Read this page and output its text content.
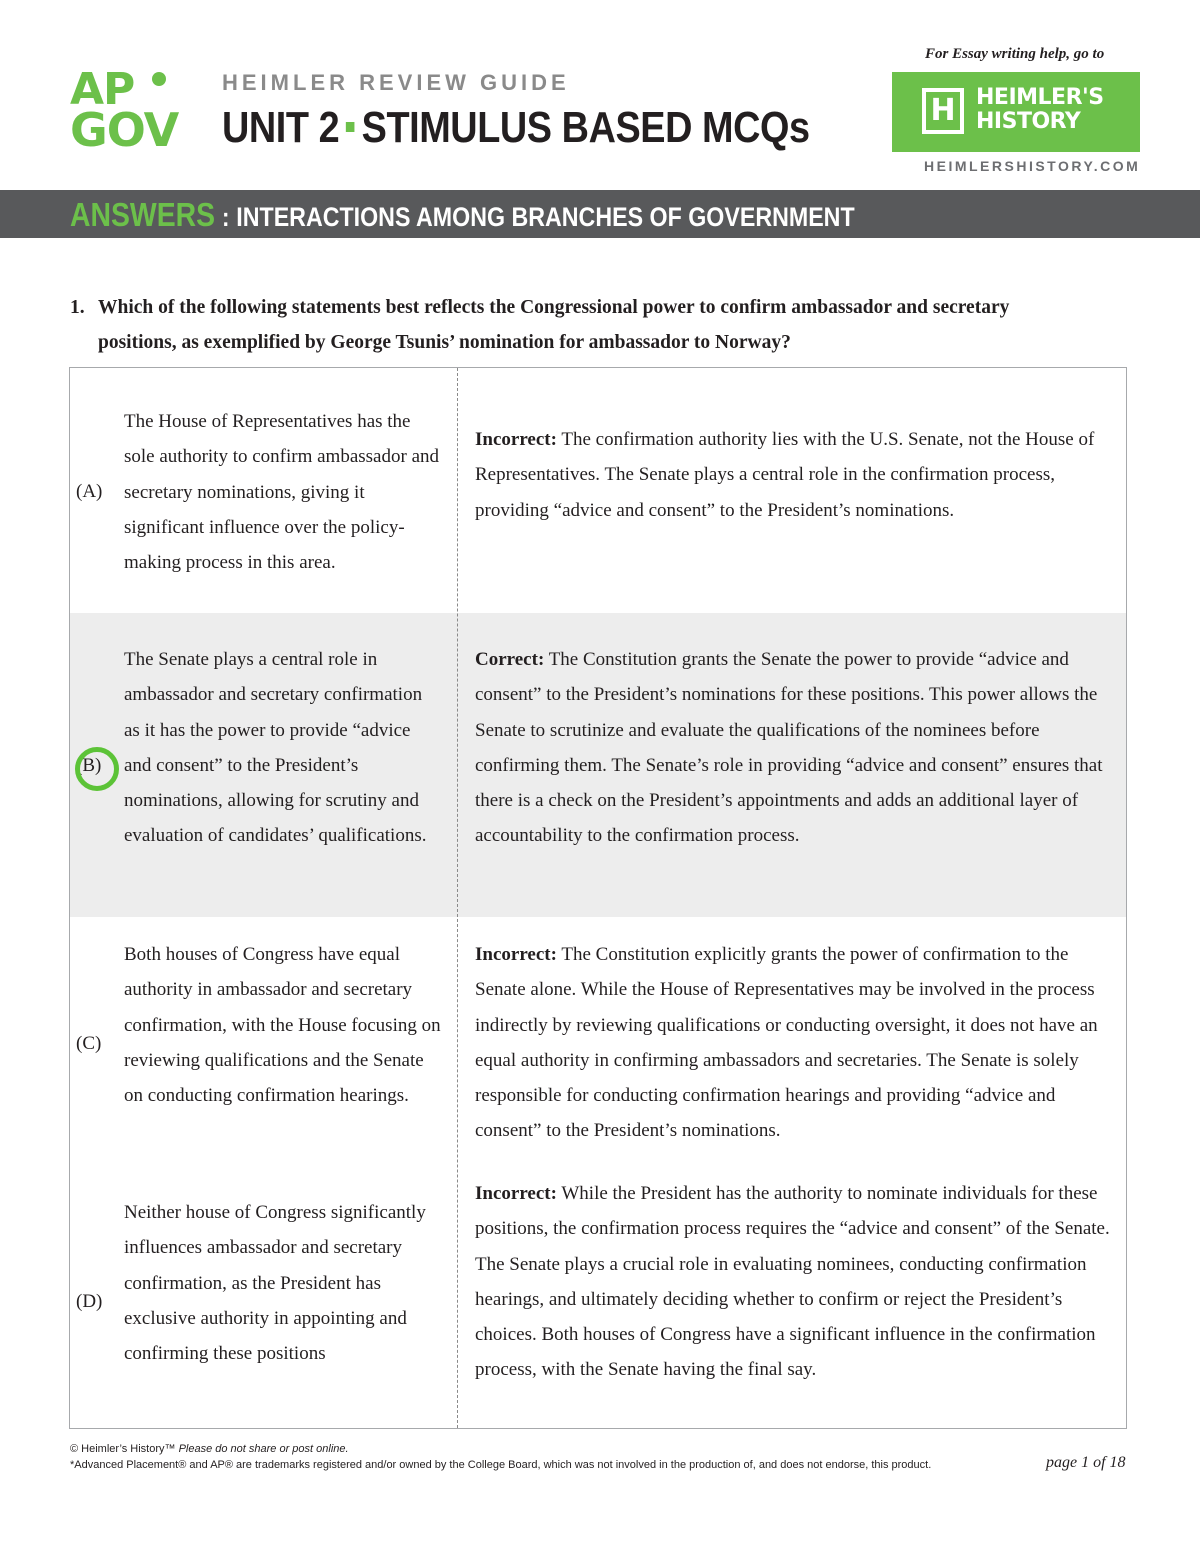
AP
GOV
HEIMLER REVIEW GUIDE
UNIT 2 STIMULUS BASED MCQs
For Essay writing help, go to
H HEIMLER'S HISTORY
HEIMLERSHISTORY.COM
ANSWERS : INTERACTIONS AMONG BRANCHES OF GOVERNMENT
1. Which of the following statements best reflects the Congressional power to confirm ambassador and secretary positions, as exemplified by George Tsunis’ nomination for ambassador to Norway?
(A)
The House of Representatives has the sole authority to confirm ambassador and secretary nominations, giving it significant influence over the policy-making process in this area.
Incorrect: The confirmation authority lies with the U.S. Senate, not the House of Representatives. The Senate plays a central role in the confirmation process, providing “advice and consent” to the President’s nominations.
(B)
The Senate plays a central role in ambassador and secretary confirmation as it has the power to provide “advice and consent” to the President’s nominations, allowing for scrutiny and evaluation of candidates’ qualifications.
Correct: The Constitution grants the Senate the power to provide “advice and consent” to the President’s nominations for these positions. This power allows the Senate to scrutinize and evaluate the qualifications of the nominees before confirming them. The Senate’s role in providing “advice and consent” ensures that there is a check on the President’s appointments and adds an additional layer of accountability to the confirmation process.
(C)
Both houses of Congress have equal authority in ambassador and secretary confirmation, with the House focusing on reviewing qualifications and the Senate on conducting confirmation hearings.
Incorrect: The Constitution explicitly grants the power of confirmation to the Senate alone. While the House of Representatives may be involved in the process indirectly by reviewing qualifications or conducting oversight, it does not have an equal authority in confirming ambassadors and secretaries. The Senate is solely responsible for conducting confirmation hearings and providing “advice and consent” to the President’s nominations.
(D)
Neither house of Congress significantly influences ambassador and secretary confirmation, as the President has exclusive authority in appointing and confirming these positions
Incorrect: While the President has the authority to nominate individuals for these positions, the confirmation process requires the “advice and consent” of the Senate. The Senate plays a crucial role in evaluating nominees, conducting confirmation hearings, and ultimately deciding whether to confirm or reject the President’s choices. Both houses of Congress have a significant influence in the confirmation process, with the Senate having the final say.
© Heimler’s History™ Please do not share or post online.
*Advanced Placement® and AP® are trademarks registered and/or owned by the College Board, which was not involved in the production of, and does not endorse, this product.	page 1 of 18
